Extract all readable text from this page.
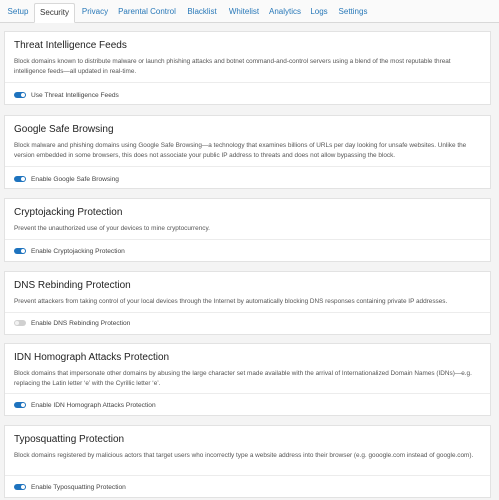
Setup	Security	Privacy	Parental Control	Blacklist	Whitelist	Analytics	Logs	Settings
Threat Intelligence Feeds
Block domains known to distribute malware or launch phishing attacks and botnet command-and-control servers using a blend of the most reputable threat intelligence feeds—all updated in real-time.
Use Threat Intelligence Feeds
Google Safe Browsing
Block malware and phishing domains using Google Safe Browsing—a technology that examines billions of URLs per day looking for unsafe websites. Unlike the version embedded in some browsers, this does not associate your public IP address to threats and does not allow bypassing the block.
Enable Google Safe Browsing
Cryptojacking Protection
Prevent the unauthorized use of your devices to mine cryptocurrency.
Enable Cryptojacking Protection
DNS Rebinding Protection
Prevent attackers from taking control of your local devices through the Internet by automatically blocking DNS responses containing private IP addresses.
Enable DNS Rebinding Protection
IDN Homograph Attacks Protection
Block domains that impersonate other domains by abusing the large character set made available with the arrival of Internationalized Domain Names (IDNs)—e.g. replacing the Latin letter ‘e’ with the Cyrillic letter ‘е’.
Enable IDN Homograph Attacks Protection
Typosquatting Protection
Block domains registered by malicious actors that target users who incorrectly type a website address into their browser (e.g. gooogle.com instead of google.com).
Enable Typosquatting Protection
